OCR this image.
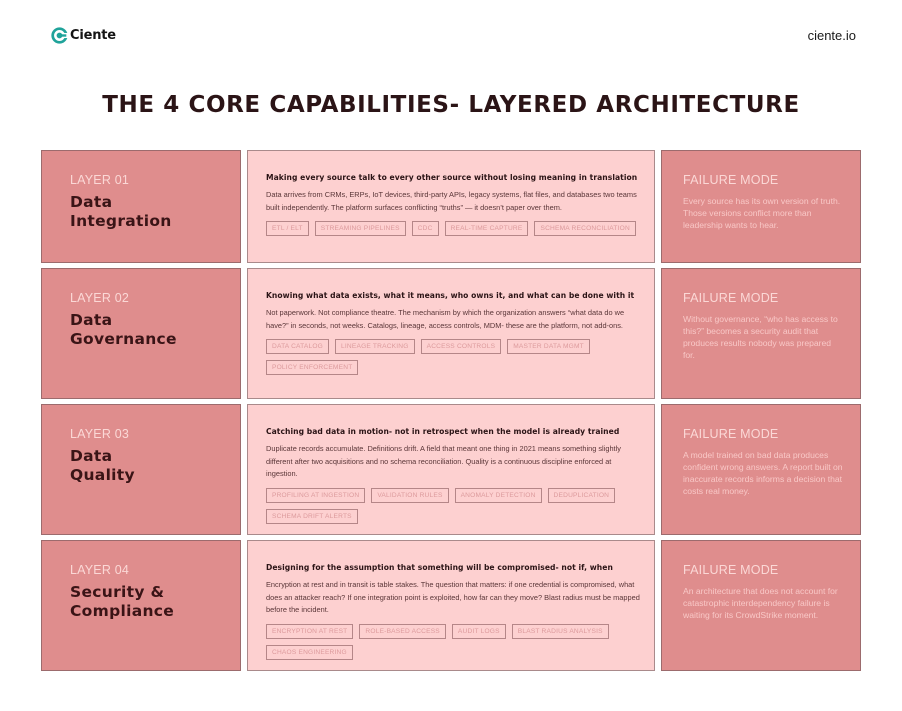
Ciente	ciente.io
THE 4 CORE CAPABILITIES- LAYERED ARCHITECTURE
LAYER 01
Data
Integration
Making every source talk to every other source without losing meaning in translation
Data arrives from CRMs, ERPs, IoT devices, third-party APIs, legacy systems, flat files, and databases two teams built independently. The platform surfaces conflicting “truths” — it doesn’t paper over them.
ETL / ELT	STREAMING PIPELINES	CDC	REAL-TIME CAPTURE	SCHEMA RECONCILIATION
FAILURE MODE
Every source has its own version of truth. Those versions conflict more than leadership wants to hear.
LAYER 02
Data
Governance
Knowing what data exists, what it means, who owns it, and what can be done with it
Not paperwork. Not compliance theatre. The mechanism by which the organization answers “what data do we have?” in seconds, not weeks. Catalogs, lineage, access controls, MDM- these are the platform, not add-ons.
DATA CATALOG	LINEAGE TRACKING	ACCESS CONTROLS	MASTER DATA MGMT
POLICY ENFORCEMENT
FAILURE MODE
Without governance, “who has access to this?” becomes a security audit that produces results nobody was prepared for.
LAYER 03
Data
Quality
Catching bad data in motion- not in retrospect when the model is already trained
Duplicate records accumulate. Definitions drift. A field that meant one thing in 2021 means something slightly different after two acquisitions and no schema reconciliation. Quality is a continuous discipline enforced at ingestion.
PROFILING AT INGESTION	VALIDATION RULES	ANOMALY DETECTION	DEDUPLICATION
SCHEMA DRIFT ALERTS
FAILURE MODE
A model trained on bad data produces confident wrong answers. A report built on inaccurate records informs a decision that costs real money.
LAYER 04
Security &
Compliance
Designing for the assumption that something will be compromised- not if, when
Encryption at rest and in transit is table stakes. The question that matters: if one credential is compromised, what does an attacker reach? If one integration point is exploited, how far can they move? Blast radius must be mapped before the incident.
ENCRYPTION AT REST	ROLE-BASED ACCESS	AUDIT LOGS	BLAST RADIUS ANALYSIS
CHAOS ENGINEERING
FAILURE MODE
An architecture that does not account for catastrophic interdependency failure is waiting for its CrowdStrike moment.
